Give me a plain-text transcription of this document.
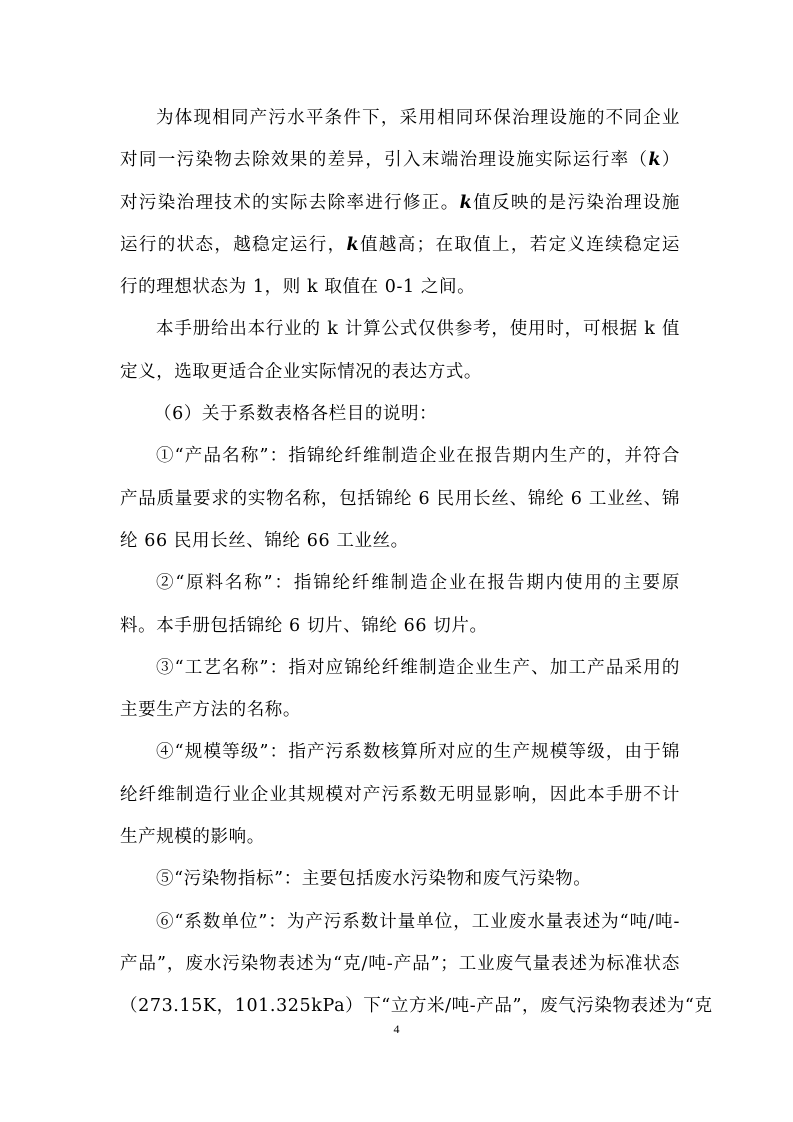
为体现相同产污水平条件下，采用相同环保治理设施的不同企业
对同一污染物去除效果的差异，引入末端治理设施实际运行率（k）
对污染治理技术的实际去除率进行修正。k值反映的是污染治理设施
运行的状态，越稳定运行，k值越高；在取值上，若定义连续稳定运
行的理想状态为 1，则 k 取值在 0-1 之间。
本手册给出本行业的 k 计算公式仅供参考，使用时，可根据 k 值
定义，选取更适合企业实际情况的表达方式。
（6）关于系数表格各栏目的说明：
①“产品名称”：指锦纶纤维制造企业在报告期内生产的，并符合
产品质量要求的实物名称，包括锦纶 6 民用长丝、锦纶 6 工业丝、锦
纶 66 民用长丝、锦纶 66 工业丝。
②“原料名称”：指锦纶纤维制造企业在报告期内使用的主要原
料。本手册包括锦纶 6 切片、锦纶 66 切片。
③“工艺名称”：指对应锦纶纤维制造企业生产、加工产品采用的
主要生产方法的名称。
④“规模等级”：指产污系数核算所对应的生产规模等级，由于锦
纶纤维制造行业企业其规模对产污系数无明显影响，因此本手册不计
生产规模的影响。
⑤“污染物指标”：主要包括废水污染物和废气污染物。
⑥“系数单位”：为产污系数计量单位，工业废水量表述为“吨/吨-
产品”，废水污染物表述为“克/吨-产品”；工业废气量表述为标准状态
（273.15K，101.325kPa）下“立方米/吨-产品”，废气污染物表述为“克
4
